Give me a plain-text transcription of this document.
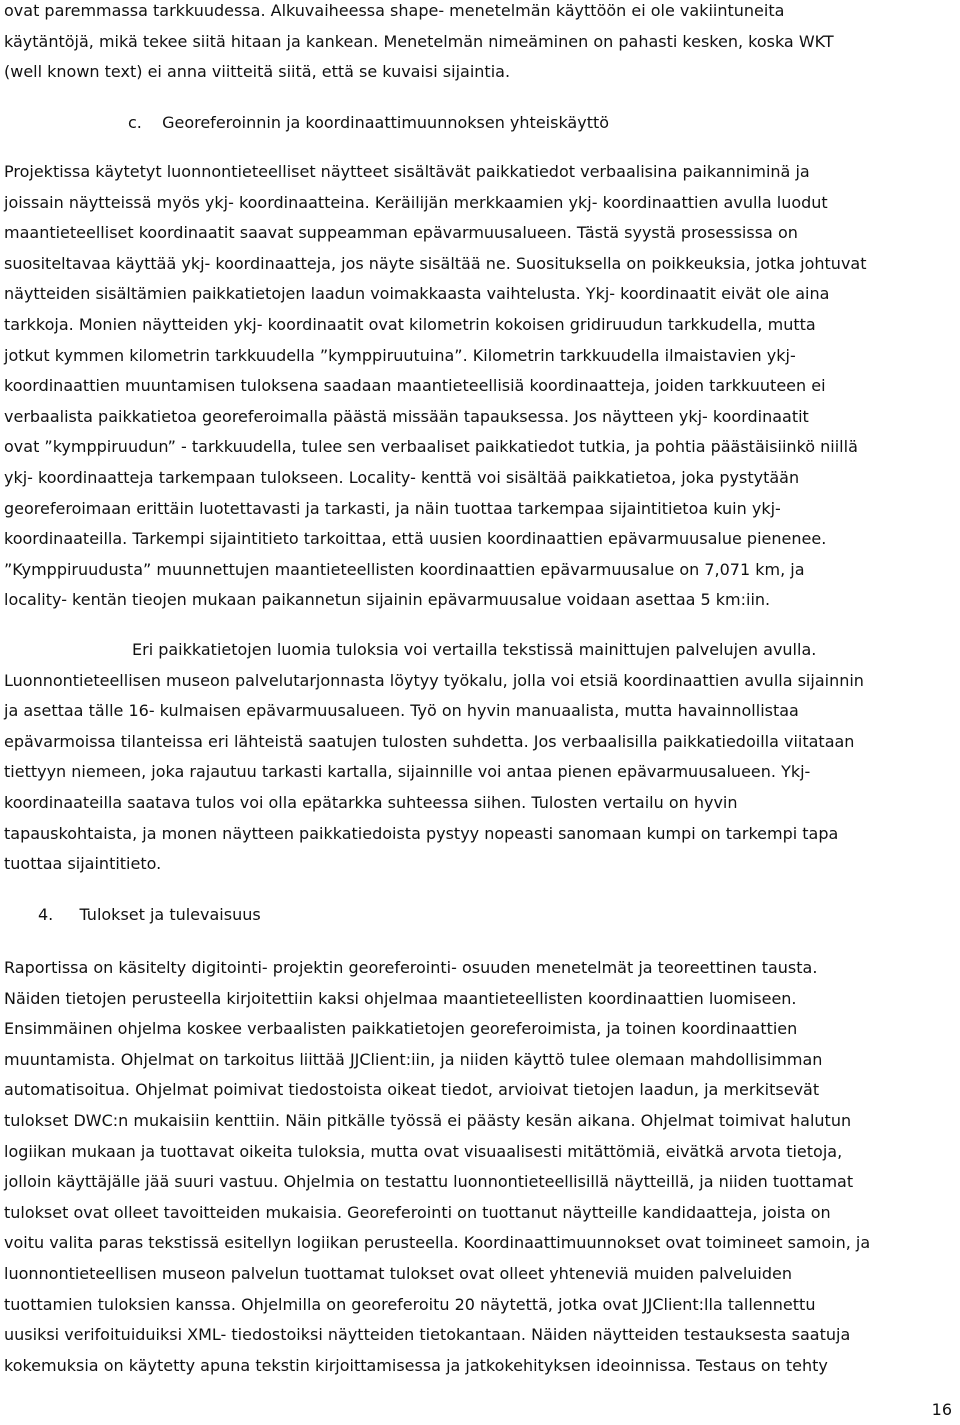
ovat paremmassa tarkkuudessa. Alkuvaiheessa shape- menetelmän käyttöön ei ole vakiintuneita
käytäntöjä, mikä tekee siitä hitaan ja kankean. Menetelmän nimeäminen on pahasti kesken, koska WKT
(well known text) ei anna viitteitä siitä, että se kuvaisi sijaintia.
c. Georeferoinnin ja koordinaattimuunnoksen yhteiskäyttö
Projektissa käytetyt luonnontieteelliset näytteet sisältävät paikkatiedot verbaalisina paikanniminä ja
joissain näytteissä myös ykj- koordinaatteina. Keräilijän merkkaamien ykj- koordinaattien avulla luodut
maantieteelliset koordinaatit saavat suppeamman epävarmuusalueen. Tästä syystä prosessissa on
suositeltavaa käyttää ykj- koordinaatteja, jos näyte sisältää ne. Suosituksella on poikkeuksia, jotka johtuvat
näytteiden sisältämien paikkatietojen laadun voimakkaasta vaihtelusta. Ykj- koordinaatit eivät ole aina
tarkkoja. Monien näytteiden ykj- koordinaatit ovat kilometrin kokoisen gridiruudun tarkkudella, mutta
jotkut kymmen kilometrin tarkkuudella ”kymppiruutuina”. Kilometrin tarkkuudella ilmaistavien ykj-
koordinaattien muuntamisen tuloksena saadaan maantieteellisiä koordinaatteja, joiden tarkkuuteen ei
verbaalista paikkatietoa georeferoimalla päästä missään tapauksessa. Jos näytteen ykj- koordinaatit
ovat ”kymppiruudun” - tarkkuudella, tulee sen verbaaliset paikkatiedot tutkia, ja pohtia päästäisiinkö niillä
ykj- koordinaatteja tarkempaan tulokseen. Locality- kenttä voi sisältää paikkatietoa, joka pystytään
georeferoimaan erittäin luotettavasti ja tarkasti, ja näin tuottaa tarkempaa sijaintitietoa kuin ykj-
koordinaateilla. Tarkempi sijaintitieto tarkoittaa, että uusien koordinaattien epävarmuusalue pienenee.
”Kymppiruudusta” muunnettujen maantieteellisten koordinaattien epävarmuusalue on 7,071 km, ja
locality- kentän tieojen mukaan paikannetun sijainin epävarmuusalue voidaan asettaa 5 km:iin.
Eri paikkatietojen luomia tuloksia voi vertailla tekstissä mainittujen palvelujen avulla.
Luonnontieteellisen museon palvelutarjonnasta löytyy työkalu, jolla voi etsiä koordinaattien avulla sijainnin
ja asettaa tälle 16- kulmaisen epävarmuusalueen. Työ on hyvin manuaalista, mutta havainnollistaa
epävarmoissa tilanteissa eri lähteistä saatujen tulosten suhdetta. Jos verbaalisilla paikkatiedoilla viitataan
tiettyyn niemeen, joka rajautuu tarkasti kartalla, sijainnille voi antaa pienen epävarmuusalueen. Ykj-
koordinaateilla saatava tulos voi olla epätarkka suhteessa siihen. Tulosten vertailu on hyvin
tapauskohtaista, ja monen näytteen paikkatiedoista pystyy nopeasti sanomaan kumpi on tarkempi tapa
tuottaa sijaintitieto.
4. Tulokset ja tulevaisuus
Raportissa on käsitelty digitointi- projektin georeferointi- osuuden menetelmät ja teoreettinen tausta.
Näiden tietojen perusteella kirjoitettiin kaksi ohjelmaa maantieteellisten koordinaattien luomiseen.
Ensimmäinen ohjelma koskee verbaalisten paikkatietojen georeferoimista, ja toinen koordinaattien
muuntamista. Ohjelmat on tarkoitus liittää JJClient:iin, ja niiden käyttö tulee olemaan mahdollisimman
automatisoitua. Ohjelmat poimivat tiedostoista oikeat tiedot, arvioivat tietojen laadun, ja merkitsevät
tulokset DWC:n mukaisiin kenttiin. Näin pitkälle työssä ei päästy kesän aikana. Ohjelmat toimivat halutun
logiikan mukaan ja tuottavat oikeita tuloksia, mutta ovat visuaalisesti mitättömiä, eivätkä arvota tietoja,
jolloin käyttäjälle jää suuri vastuu. Ohjelmia on testattu luonnontieteellisillä näytteillä, ja niiden tuottamat
tulokset ovat olleet tavoitteiden mukaisia. Georeferointi on tuottanut näytteille kandidaatteja, joista on
voitu valita paras tekstissä esitellyn logiikan perusteella. Koordinaattimuunnokset ovat toimineet samoin, ja
luonnontieteellisen museon palvelun tuottamat tulokset ovat olleet yhteneviä muiden palveluiden
tuottamien tuloksien kanssa. Ohjelmilla on georeferoitu 20 näytettä, jotka ovat JJClient:lla tallennettu
uusiksi verifoituiduiksi XML- tiedostoiksi näytteiden tietokantaan. Näiden näytteiden testauksesta saatuja
kokemuksia on käytetty apuna tekstin kirjoittamisessa ja jatkokehityksen ideoinnissa. Testaus on tehty
16
